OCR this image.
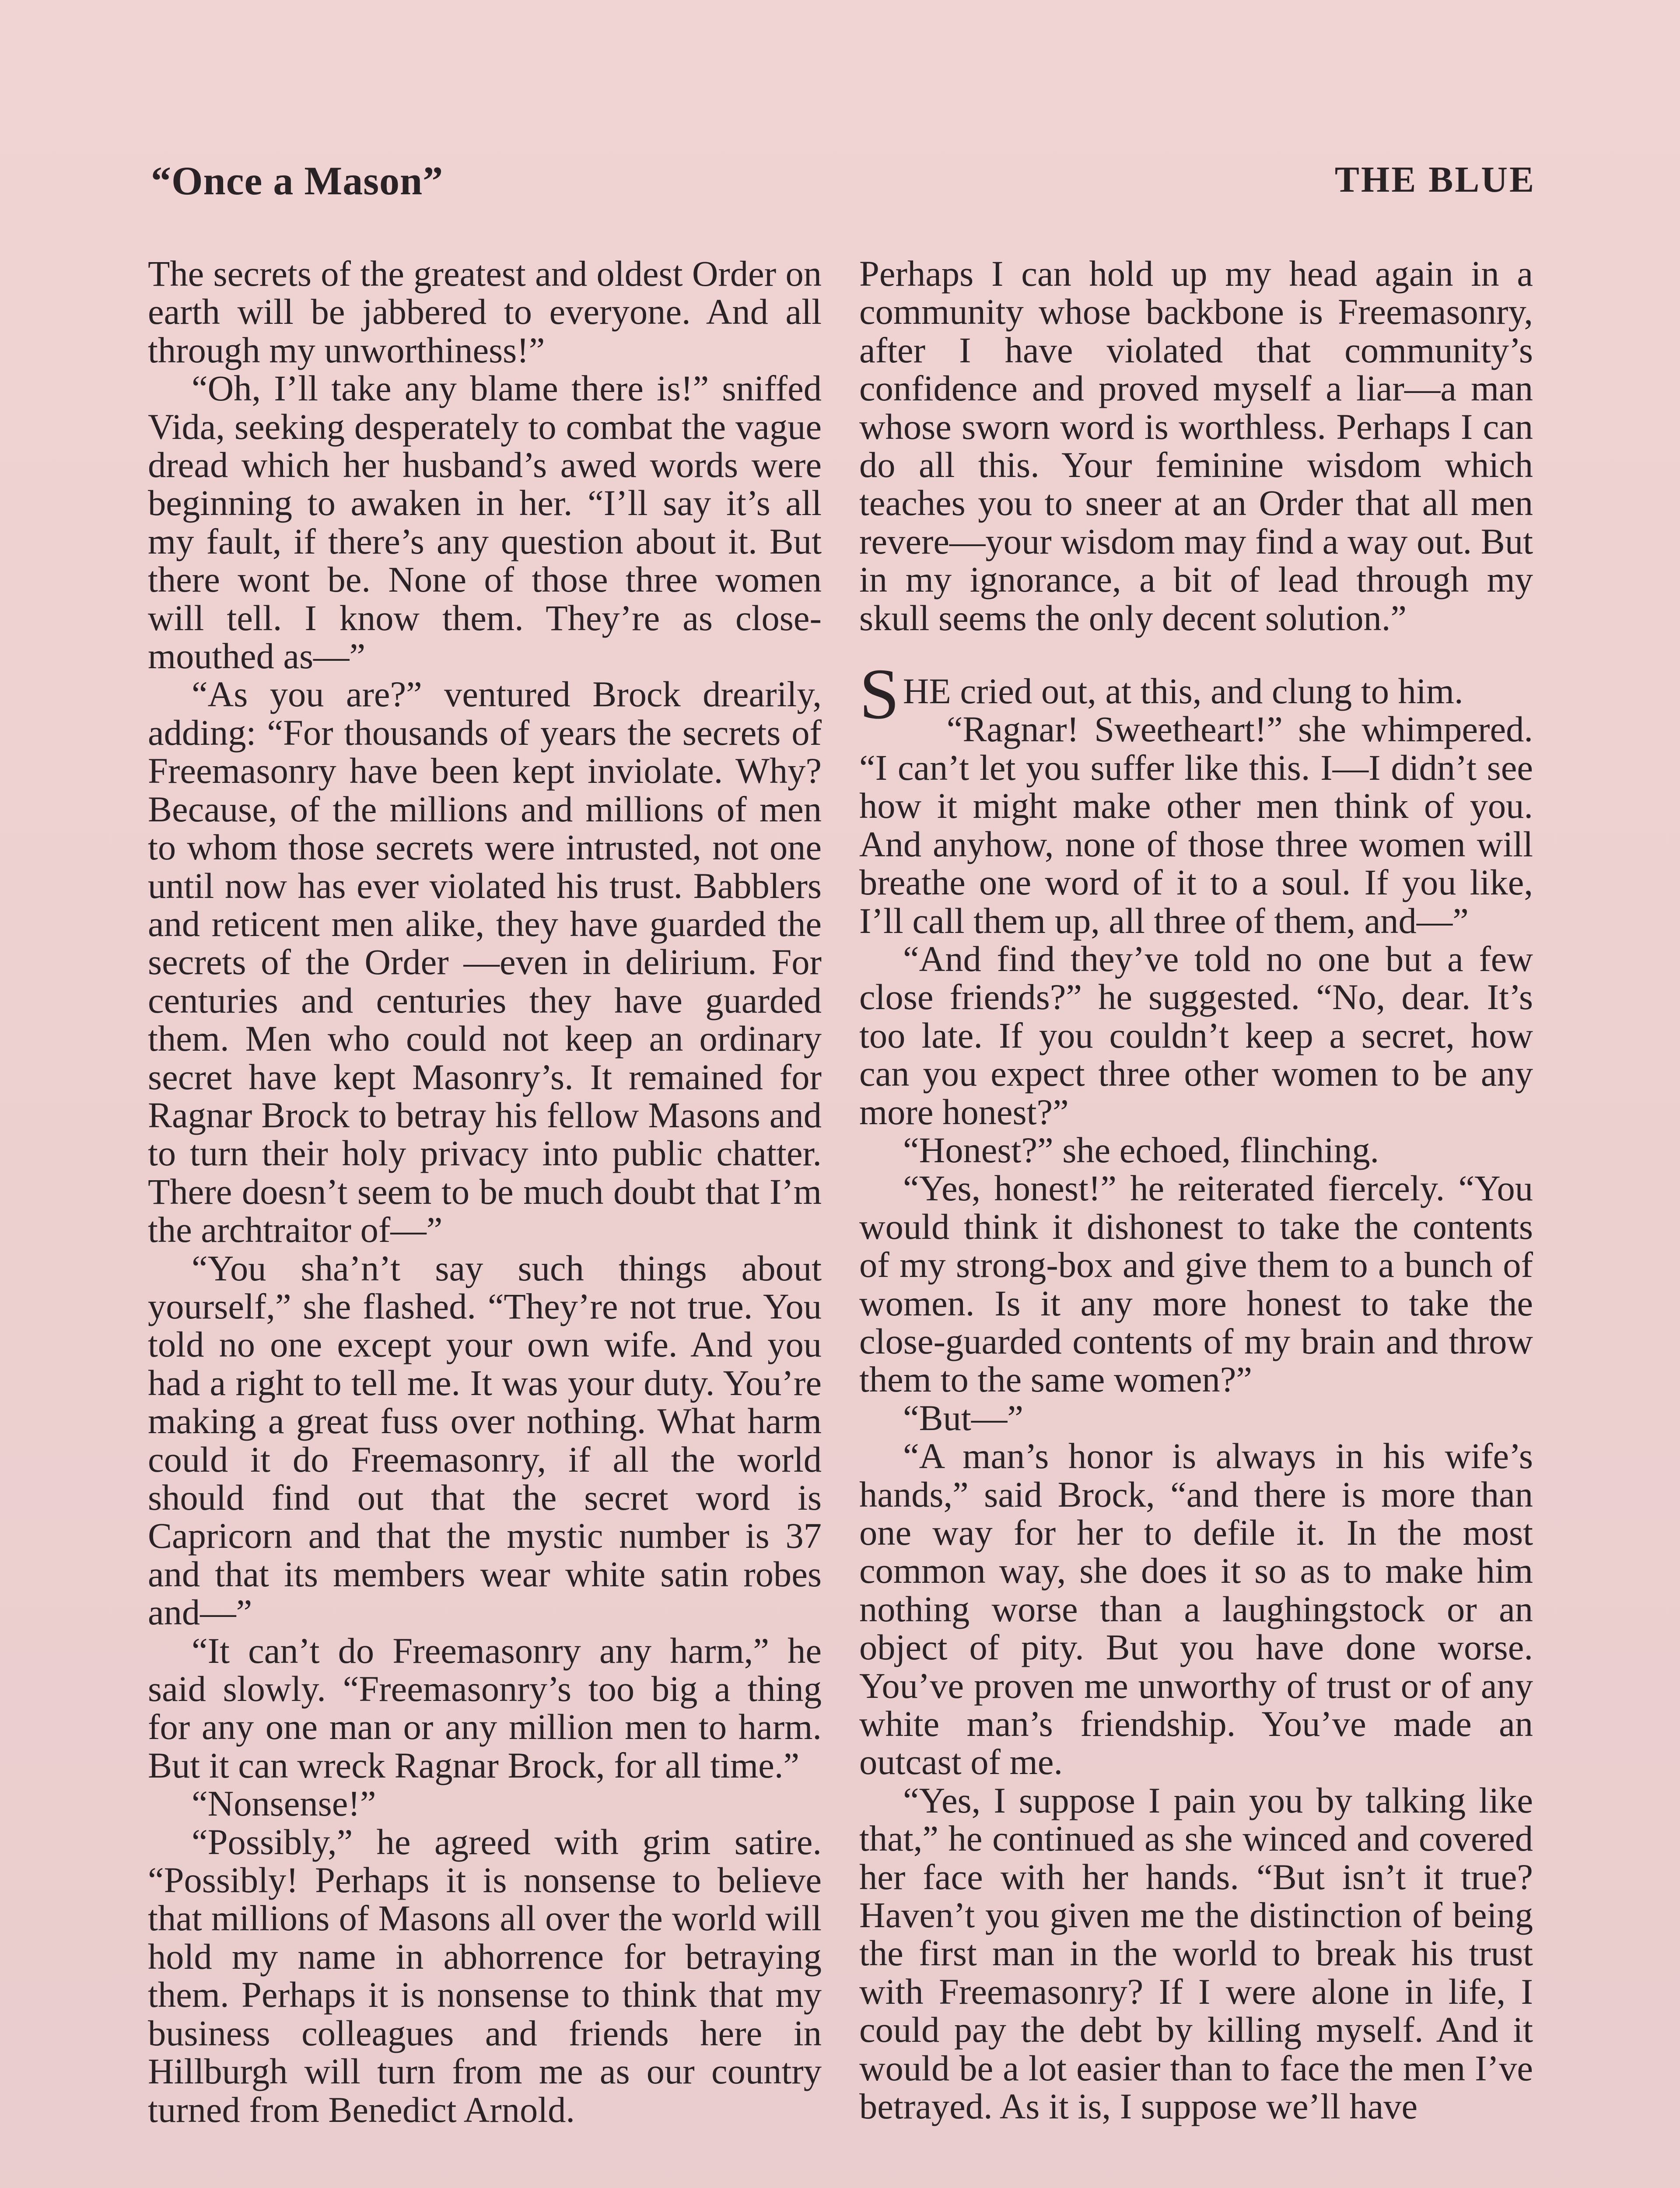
“Once a Mason”	THE BLUE

The secrets of the greatest and oldest Order on earth will be jabbered to everyone. And all through my unworthiness!”

“Oh, I’ll take any blame there is!” sniffed Vida, seeking desperately to combat the vague dread which her husband’s awed words were beginning to awaken in her. “I’ll say it’s all my fault, if there’s any question about it. But there wont be. None of those three women will tell. I know them. They’re as close-mouthed as—”

“As you are?” ventured Brock drearily, adding: “For thousands of years the secrets of Freemasonry have been kept inviolate. Why? Because, of the millions and millions of men to whom those secrets were intrusted, not one until now has ever violated his trust. Babblers and reticent men alike, they have guarded the secrets of the Order —even in delirium. For centuries and centuries they have guarded them. Men who could not keep an ordinary secret have kept Masonry’s. It remained for Ragnar Brock to betray his fellow Masons and to turn their holy privacy into public chatter. There doesn’t seem to be much doubt that I’m the archtraitor of—”

“You sha’n’t say such things about yourself,” she flashed. “They’re not true. You told no one except your own wife. And you had a right to tell me. It was your duty. You’re making a great fuss over nothing. What harm could it do Freemasonry, if all the world should find out that the secret word is Capricorn and that the mystic number is 37 and that its members wear white satin robes and—”

“It can’t do Freemasonry any harm,” he said slowly. “Freemasonry’s too big a thing for any one man or any million men to harm. But it can wreck Ragnar Brock, for all time.”

“Nonsense!”

“Possibly,” he agreed with grim satire. “Possibly! Perhaps it is nonsense to believe that millions of Masons all over the world will hold my name in abhorrence for betraying them. Perhaps it is nonsense to think that my business colleagues and friends here in Hillburgh will turn from me as our country turned from Benedict Arnold.

Perhaps I can hold up my head again in a community whose backbone is Freemasonry, after I have violated that community’s confidence and proved myself a liar—a man whose sworn word is worthless. Perhaps I can do all this. Your feminine wisdom which teaches you to sneer at an Order that all men revere—your wisdom may find a way out. But in my ignorance, a bit of lead through my skull seems the only decent solution.”

SHE cried out, at this, and clung to him.

“Ragnar! Sweetheart!” she whimpered. “I can’t let you suffer like this. I—I didn’t see how it might make other men think of you. And anyhow, none of those three women will breathe one word of it to a soul. If you like, I’ll call them up, all three of them, and—”

“And find they’ve told no one but a few close friends?” he suggested. “No, dear. It’s too late. If you couldn’t keep a secret, how can you expect three other women to be any more honest?”

“Honest?” she echoed, flinching.

“Yes, honest!” he reiterated fiercely. “You would think it dishonest to take the contents of my strong-box and give them to a bunch of women. Is it any more honest to take the close-guarded contents of my brain and throw them to the same women?”

“But—”

“A man’s honor is always in his wife’s hands,” said Brock, “and there is more than one way for her to defile it. In the most common way, she does it so as to make him nothing worse than a laughingstock or an object of pity. But you have done worse. You’ve proven me unworthy of trust or of any white man’s friendship. You’ve made an outcast of me.

“Yes, I suppose I pain you by talking like that,” he continued as she winced and covered her face with her hands. “But isn’t it true? Haven’t you given me the distinction of being the first man in the world to break his trust with Freemasonry? If I were alone in life, I could pay the debt by killing myself. And it would be a lot easier than to face the men I’ve betrayed. As it is, I suppose we’ll have
